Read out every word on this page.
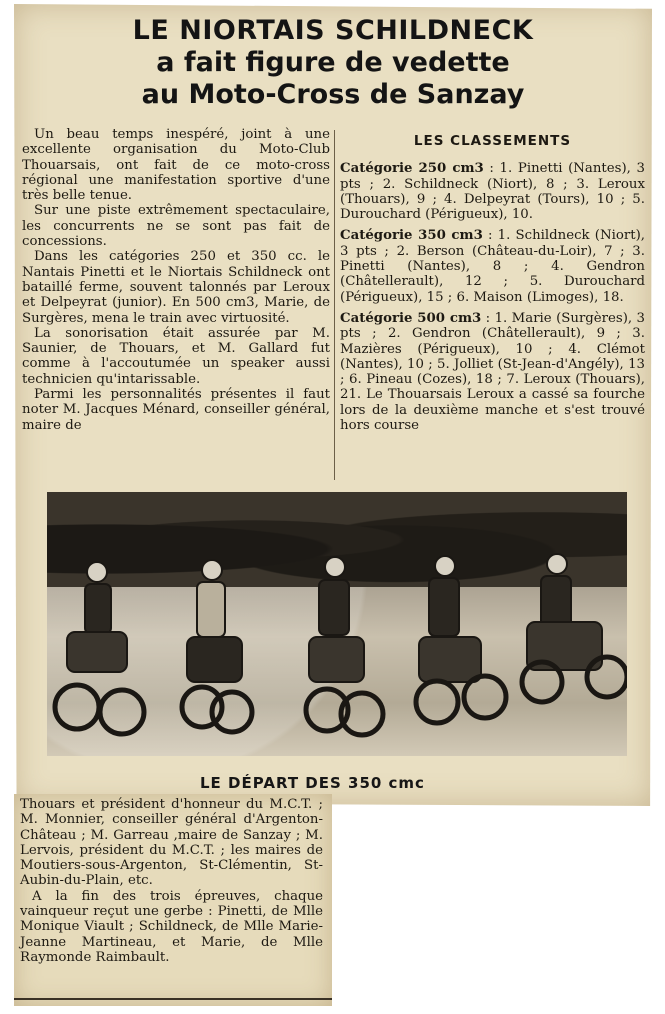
LE NIORTAIS SCHILDNECK
a fait figure de vedette
au Moto-Cross de Sanzay

Un beau temps inespéré, joint à une excellente organisation du Moto-Club Thouarsais, ont fait de ce moto-cross régional une manifestation sportive d'une très belle tenue.

Sur une piste extrêmement spectaculaire, les concurrents ne se sont pas fait de concessions.

Dans les catégories 250 et 350 cc. le Nantais Pinetti et le Niortais Schildneck ont bataillé ferme, souvent talonnés par Leroux et Delpeyrat (junior). En 500 cm3, Marie, de Surgères, mena le train avec virtuosité.

La sonorisation était assurée par M. Saunier, de Thouars, et M. Gallard fut comme à l'accoutumée un speaker aussi technicien qu'intarissable.

Parmi les personnalités présentes il faut noter M. Jacques Ménard, conseiller général, maire de

LES CLASSEMENTS
Catégorie 250 cm3 : 1. Pinetti (Nantes), 3 pts ; 2. Schildneck (Niort), 8 ; 3. Leroux (Thouars), 9 ; 4. Delpeyrat (Tours), 10 ; 5. Durouchard (Périgueux), 10.
Catégorie 350 cm3 : 1. Schildneck (Niort), 3 pts ; 2. Berson (Château-du-Loir), 7 ; 3. Pinetti (Nantes), 8 ; 4. Gendron (Châtellerault), 12 ; 5. Durouchard (Périgueux), 15 ; 6. Maison (Limoges), 18.
Catégorie 500 cm3 : 1. Marie (Surgères), 3 pts ; 2. Gendron (Châtellerault), 9 ; 3. Mazières (Périgueux), 10 ; 4. Clémot (Nantes), 10 ; 5. Jolliet (St-Jean-d'Angély), 13 ; 6. Pineau (Cozes), 18 ; 7. Leroux (Thouars), 21. Le Thouarsais Leroux a cassé sa fourche lors de la deuxième manche et s'est trouvé hors course
LE DÉPART DES 350 cmc

Thouars et président d'honneur du M.C.T. ; M. Monnier, conseiller général d'Argenton-Château ; M. Garreau ,maire de Sanzay ; M. Lervois, président du M.C.T. ; les maires de Moutiers-sous-Argenton, St-Clémentin, St-Aubin-du-Plain, etc.

A la fin des trois épreuves, chaque vainqueur reçut une gerbe : Pinetti, de Mlle Monique Viault ; Schildneck, de Mlle Marie-Jeanne Martineau, et Marie, de Mlle Raymonde Raimbault.
